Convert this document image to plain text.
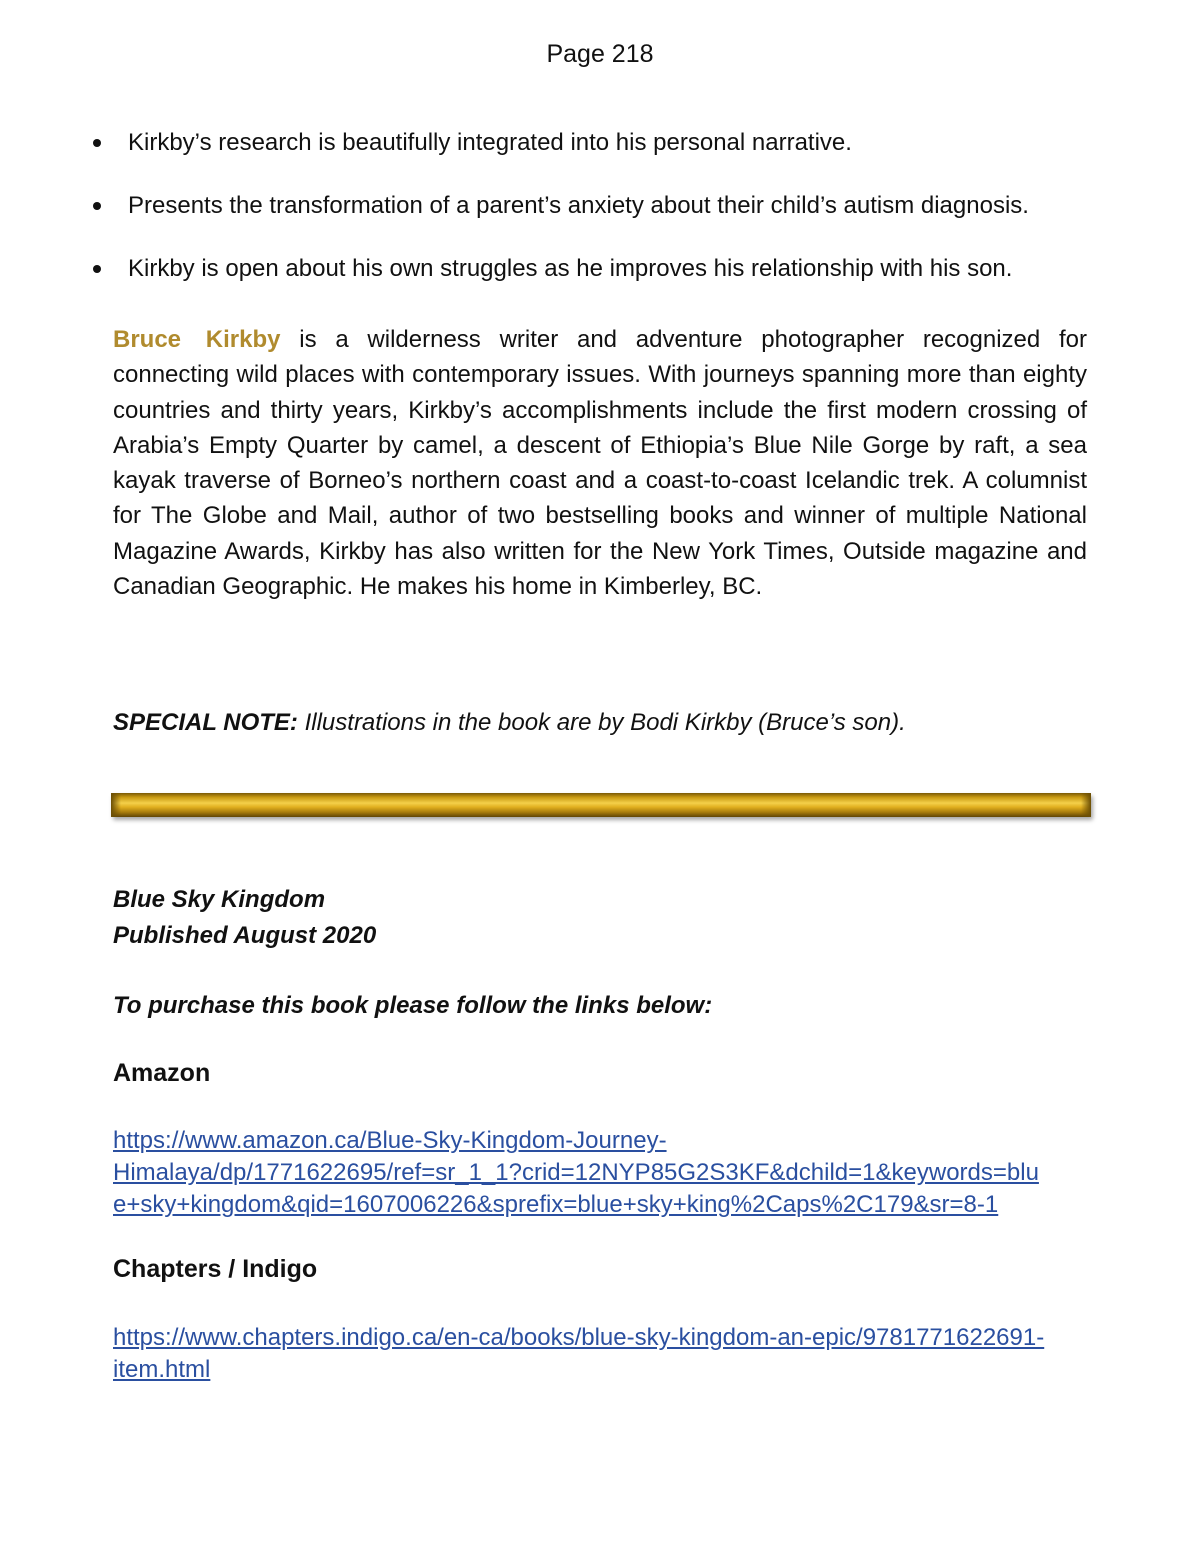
Page 218
Kirkby’s research is beautifully integrated into his personal narrative.
Presents the transformation of a parent’s anxiety about their child’s autism diagnosis.
Kirkby is open about his own struggles as he improves his relationship with his son.

Bruce Kirkby is a wilderness writer and adventure photographer recognized for connecting wild places with contemporary issues. With journeys spanning more than eighty countries and thirty years, Kirkby’s accomplishments include the first modern crossing of Arabia’s Empty Quarter by camel, a descent of Ethiopia’s Blue Nile Gorge by raft, a sea kayak traverse of Borneo’s northern coast and a coast-to-coast Icelandic trek. A columnist for The Globe and Mail, author of two bestselling books and winner of multiple National Magazine Awards, Kirkby has also written for the New York Times, Outside magazine and Canadian Geographic. He makes his home in Kimberley, BC.

SPECIAL NOTE: Illustrations in the book are by Bodi Kirkby (Bruce’s son).

Blue Sky Kingdom
Published August 2020

To purchase this book please follow the links below:

Amazon

https://www.amazon.ca/Blue-Sky-Kingdom-Journey-
Himalaya/dp/1771622695/ref=sr_1_1?crid=12NYP85G2S3KF&dchild=1&keywords=blu
e+sky+kingdom&qid=1607006226&sprefix=blue+sky+king%2Caps%2C179&sr=8-1

Chapters / Indigo

https://www.chapters.indigo.ca/en-ca/books/blue-sky-kingdom-an-epic/9781771622691-
item.html
